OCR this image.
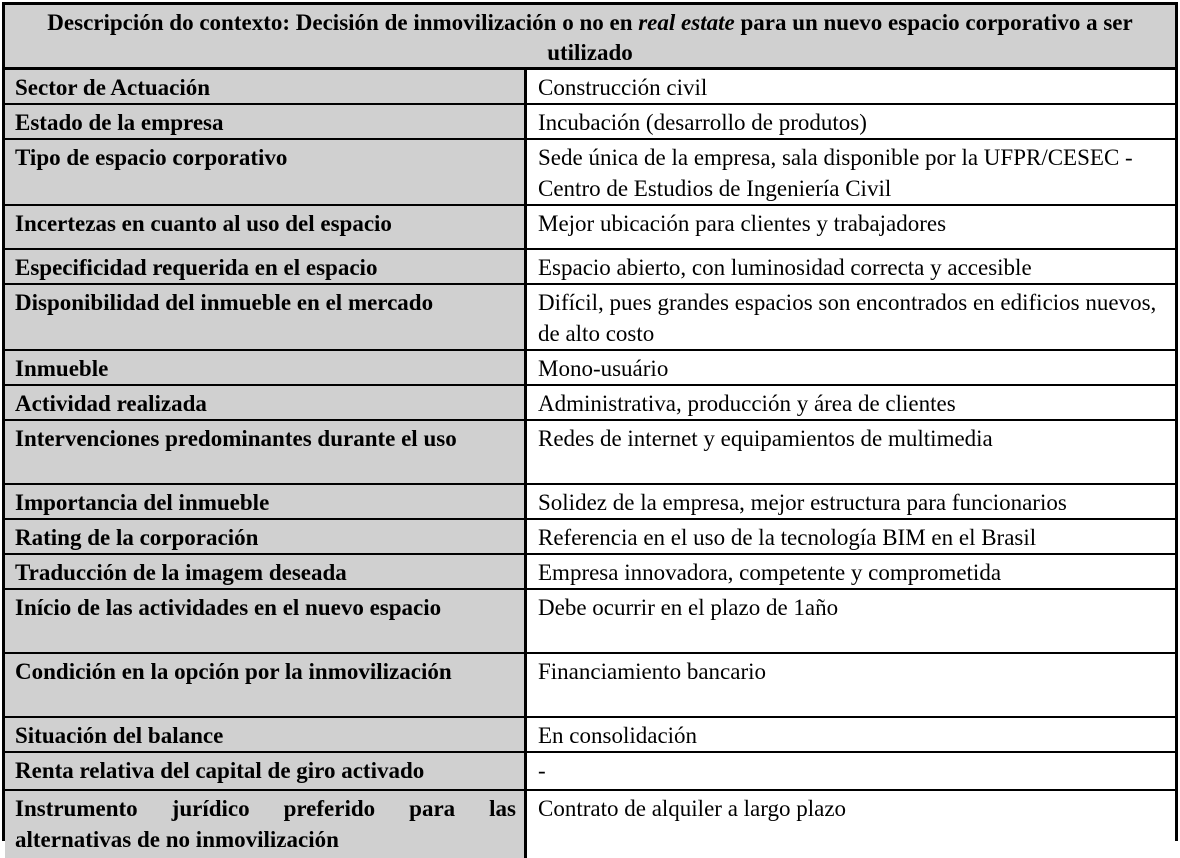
Descripción do contexto: Decisión de inmovilización o no en real estate para un nuevo espacio corporativo a ser utilizado
Sector de Actuación	Construcción civil
Estado de la empresa	Incubación (desarrollo de produtos)
Tipo de espacio corporativo	Sede única de la empresa, sala disponible por la UFPR/CESEC - Centro de Estudios de Ingeniería Civil
Incertezas en cuanto al uso del espacio	Mejor ubicación para clientes y trabajadores
Especificidad requerida en el espacio	Espacio abierto, con luminosidad correcta y accesible
Disponibilidad del inmueble en el mercado	Difícil, pues grandes espacios son encontrados en edificios nuevos, de alto costo
Inmueble	Mono-usuário
Actividad realizada	Administrativa, producción y área de clientes
Intervenciones predominantes durante el uso	Redes de internet y equipamientos de multimedia
Importancia del inmueble	Solidez de la empresa, mejor estructura para funcionarios
Rating de la corporación	Referencia en el uso de la tecnología BIM en el Brasil
Traducción de la imagem deseada	Empresa innovadora, competente y comprometida
Início de las actividades en el nuevo espacio	Debe ocurrir en el plazo de 1año
Condición en la opción por la inmovilización	Financiamiento bancario
Situación del balance	En consolidación
Renta relativa del capital de giro activado	-
Instrumento jurídico preferido para las alternativas de no inmovilización	Contrato de alquiler a largo plazo
